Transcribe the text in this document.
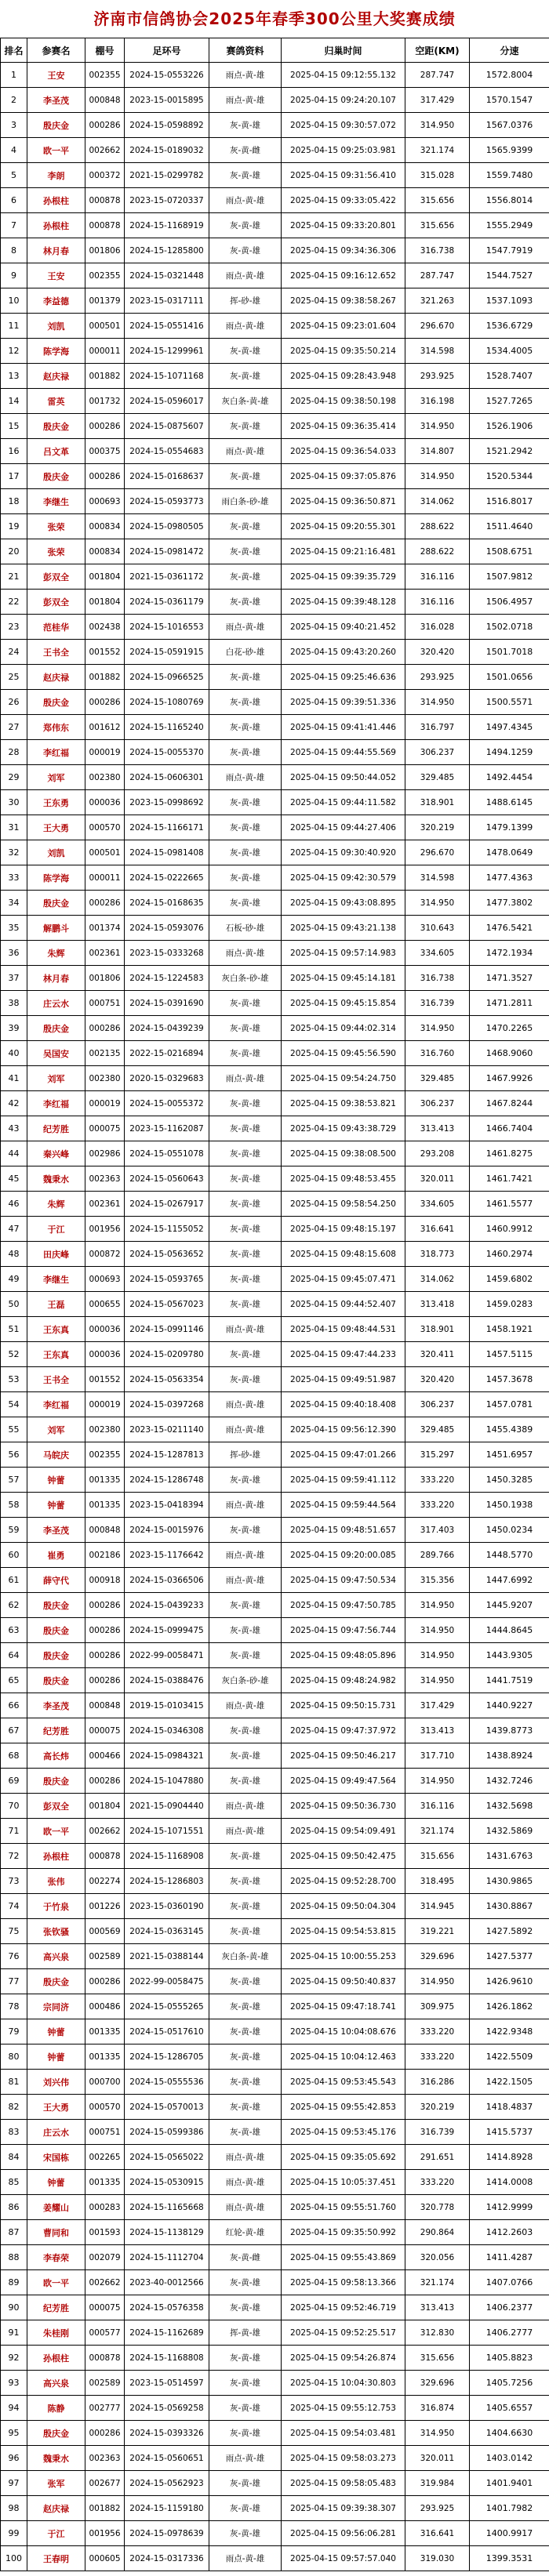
济南市信鸽协会2025年春季300公里大奖赛成绩
排名	参赛名	棚号	足环号	赛鸽资料	归巢时间	空距(KM)	分速
1	王安	002355	2024-15-0553226	雨点-黄-雄	2025-04-15 09:12:55.132	287.747	1572.8004
2	李圣茂	000848	2023-15-0015895	雨点-黄-雄	2025-04-15 09:24:20.107	317.429	1570.1547
3	殷庆金	000286	2024-15-0598892	灰-黄-雄	2025-04-15 09:30:57.072	314.950	1567.0376
4	欧一平	002662	2024-15-0189032	灰-黄-雌	2025-04-15 09:25:03.981	321.174	1565.9399
5	李朗	000372	2021-15-0299782	灰-黄-雄	2025-04-15 09:31:56.410	315.028	1559.7480
6	孙根柱	000878	2023-15-0720337	雨点-黄-雄	2025-04-15 09:33:05.422	315.656	1556.8014
7	孙根柱	000878	2024-15-1168919	灰-黄-雄	2025-04-15 09:33:20.801	315.656	1555.2949
8	林月春	001806	2024-15-1285800	灰-黄-雄	2025-04-15 09:34:36.306	316.738	1547.7919
9	王安	002355	2024-15-0321448	雨点-黄-雄	2025-04-15 09:16:12.652	287.747	1544.7527
10	李益德	001379	2023-15-0317111	挥-砂-雄	2025-04-15 09:38:58.267	321.263	1537.1093
11	刘凯	000501	2024-15-0551416	雨点-黄-雄	2025-04-15 09:23:01.604	296.670	1536.6729
12	陈学海	000011	2024-15-1299961	灰-黄-雄	2025-04-15 09:35:50.214	314.598	1534.4005
13	赵庆禄	001882	2024-15-1071168	灰-黄-雄	2025-04-15 09:28:43.948	293.925	1528.7407
14	雷英	001732	2024-15-0596017	灰白条-黄-雄	2025-04-15 09:38:50.198	316.198	1527.7265
15	殷庆金	000286	2024-15-0875607	灰-黄-雄	2025-04-15 09:36:35.414	314.950	1526.1906
16	吕文革	000375	2024-15-0554683	雨点-黄-雄	2025-04-15 09:36:54.033	314.807	1521.2942
17	殷庆金	000286	2024-15-0168637	灰-黄-雄	2025-04-15 09:37:05.876	314.950	1520.5344
18	李继生	000693	2024-15-0593773	雨白条-砂-雄	2025-04-15 09:36:50.871	314.062	1516.8017
19	张荣	000834	2024-15-0980505	灰-黄-雄	2025-04-15 09:20:55.301	288.622	1511.4640
20	张荣	000834	2024-15-0981472	灰-黄-雄	2025-04-15 09:21:16.481	288.622	1508.6751
21	彭双全	001804	2021-15-0361172	灰-黄-雄	2025-04-15 09:39:35.729	316.116	1507.9812
22	彭双全	001804	2024-15-0361179	灰-黄-雄	2025-04-15 09:39:48.128	316.116	1506.4957
23	范桂华	002438	2024-15-1016553	雨点-黄-雄	2025-04-15 09:40:21.452	316.028	1502.0718
24	王书全	001552	2024-15-0591915	白花-砂-雄	2025-04-15 09:43:20.260	320.420	1501.7018
25	赵庆禄	001882	2024-15-0966525	灰-黄-雄	2025-04-15 09:25:46.636	293.925	1501.0656
26	殷庆金	000286	2024-15-1080769	灰-黄-雄	2025-04-15 09:39:51.336	314.950	1500.5571
27	郑伟东	001612	2024-15-1165240	灰-黄-雄	2025-04-15 09:41:41.446	316.797	1497.4345
28	李红福	000019	2024-15-0055370	灰-黄-雄	2025-04-15 09:44:55.569	306.237	1494.1259
29	刘军	002380	2024-15-0606301	雨点-黄-雄	2025-04-15 09:50:44.052	329.485	1492.4454
30	王东勇	000036	2023-15-0998692	灰-黄-雄	2025-04-15 09:44:11.582	318.901	1488.6145
31	王大勇	000570	2024-15-1166171	灰-黄-雄	2025-04-15 09:44:27.406	320.219	1479.1399
32	刘凯	000501	2024-15-0981408	灰-黄-雄	2025-04-15 09:30:40.920	296.670	1478.0649
33	陈学海	000011	2024-15-0222665	灰-黄-雄	2025-04-15 09:42:30.579	314.598	1477.4363
34	殷庆金	000286	2024-15-0168635	灰-黄-雄	2025-04-15 09:43:08.895	314.950	1477.3802
35	解鹏斗	001374	2024-15-0593076	石板-砂-雄	2025-04-15 09:43:21.138	310.643	1476.5421
36	朱辉	002361	2023-15-0333268	雨点-黄-雄	2025-04-15 09:57:14.983	334.605	1472.1934
37	林月春	001806	2024-15-1224583	灰白条-砂-雄	2025-04-15 09:45:14.181	316.738	1471.3527
38	庄云水	000751	2024-15-0391690	灰-黄-雄	2025-04-15 09:45:15.854	316.739	1471.2811
39	殷庆金	000286	2024-15-0439239	灰-黄-雄	2025-04-15 09:44:02.314	314.950	1470.2265
40	吴国安	002135	2022-15-0216894	灰-黄-雄	2025-04-15 09:45:56.590	316.760	1468.9060
41	刘军	002380	2020-15-0329683	雨点-黄-雄	2025-04-15 09:54:24.750	329.485	1467.9926
42	李红福	000019	2024-15-0055372	灰-黄-雄	2025-04-15 09:38:53.821	306.237	1467.8244
43	纪芳胜	000075	2023-15-1162087	灰-黄-雄	2025-04-15 09:43:38.729	313.413	1466.7404
44	秦兴峰	002986	2024-15-0551078	灰-黄-雄	2025-04-15 09:38:08.500	293.208	1461.8275
45	魏秉水	002363	2024-15-0560643	灰-黄-雄	2025-04-15 09:48:53.455	320.011	1461.7421
46	朱辉	002361	2024-15-0267917	灰-黄-雄	2025-04-15 09:58:54.250	334.605	1461.5577
47	于江	001956	2024-15-1155052	灰-黄-雄	2025-04-15 09:48:15.197	316.641	1460.9912
48	田庆峰	000872	2024-15-0563652	灰-黄-雄	2025-04-15 09:48:15.608	318.773	1460.2974
49	李继生	000693	2024-15-0593765	灰-黄-雄	2025-04-15 09:45:07.471	314.062	1459.6802
50	王磊	000655	2024-15-0567023	灰-黄-雄	2025-04-15 09:44:52.407	313.418	1459.0283
51	王东真	000036	2024-15-0991146	雨点-黄-雄	2025-04-15 09:48:44.531	318.901	1458.1921
52	王东真	000036	2024-15-0209780	灰-黄-雄	2025-04-15 09:47:44.233	320.411	1457.5115
53	王书全	001552	2024-15-0563354	灰-黄-雄	2025-04-15 09:49:51.987	320.420	1457.3678
54	李红福	000019	2024-15-0397268	雨点-黄-雄	2025-04-15 09:40:18.408	306.237	1457.0781
55	刘军	002380	2023-15-0211140	雨点-黄-雄	2025-04-15 09:56:12.390	329.485	1455.4389
56	马皖庆	002355	2024-15-1287813	挥-砂-雄	2025-04-15 09:47:01.266	315.297	1451.6957
57	钟蕾	001335	2024-15-1286748	灰-黄-雄	2025-04-15 09:59:41.112	333.220	1450.3285
58	钟蕾	001335	2023-15-0418394	雨点-黄-雄	2025-04-15 09:59:44.564	333.220	1450.1938
59	李圣茂	000848	2024-15-0015976	灰-黄-雄	2025-04-15 09:48:51.657	317.403	1450.0234
60	崔勇	002186	2023-15-1176642	雨点-黄-雄	2025-04-15 09:20:00.085	289.766	1448.5770
61	薛守代	000918	2024-15-0366506	雨点-黄-雄	2025-04-15 09:47:50.534	315.356	1447.6992
62	殷庆金	000286	2024-15-0439233	灰-黄-雄	2025-04-15 09:47:50.785	314.950	1445.9207
63	殷庆金	000286	2024-15-0999475	灰-黄-雄	2025-04-15 09:47:56.744	314.950	1444.8645
64	殷庆金	000286	2022-99-0058471	灰-黄-雄	2025-04-15 09:48:05.896	314.950	1443.9305
65	殷庆金	000286	2024-15-0388476	灰白条-砂-雄	2025-04-15 09:48:24.982	314.950	1441.7519
66	李圣茂	000848	2019-15-0103415	雨点-黄-雄	2025-04-15 09:50:15.731	317.429	1440.9227
67	纪芳胜	000075	2024-15-0346308	灰-黄-雄	2025-04-15 09:47:37.972	313.413	1439.8773
68	高长炜	000466	2024-15-0984321	灰-黄-雄	2025-04-15 09:50:46.217	317.710	1438.8924
69	殷庆金	000286	2024-15-1047880	灰-黄-雄	2025-04-15 09:49:47.564	314.950	1432.7246
70	彭双全	001804	2021-15-0904440	雨点-黄-雄	2025-04-15 09:50:36.730	316.116	1432.5698
71	欧一平	002662	2024-15-1071551	雨点-黄-雄	2025-04-15 09:54:09.491	321.174	1432.5869
72	孙根柱	000878	2024-15-1168908	灰-黄-雄	2025-04-15 09:50:42.475	315.656	1431.6763
73	张伟	002274	2024-15-1286803	灰-黄-雄	2025-04-15 09:52:28.700	318.495	1430.9865
74	于竹泉	001226	2023-15-0360190	灰-黄-雄	2025-04-15 09:50:04.304	314.945	1430.8867
75	张钦骚	000569	2024-15-0363145	灰-黄-雄	2025-04-15 09:54:53.815	319.221	1427.5892
76	高兴泉	002589	2021-15-0388144	灰白条-黄-雄	2025-04-15 10:00:55.253	329.696	1427.5377
77	殷庆金	000286	2022-99-0058475	灰-黄-雄	2025-04-15 09:50:40.837	314.950	1426.9610
78	宗同济	000486	2024-15-0555265	灰-黄-雄	2025-04-15 09:47:18.741	309.975	1426.1862
79	钟蕾	001335	2024-15-0517610	灰-黄-雄	2025-04-15 10:04:08.676	333.220	1422.9348
80	钟蕾	001335	2024-15-1286705	灰-黄-雄	2025-04-15 10:04:12.463	333.220	1422.5509
81	刘兴伟	000700	2024-15-0555536	灰-黄-雄	2025-04-15 09:53:45.543	316.286	1422.1505
82	王大勇	000570	2024-15-0570013	灰-黄-雄	2025-04-15 09:55:42.853	320.219	1418.4837
83	庄云水	000751	2024-15-0599386	灰-黄-雄	2025-04-15 09:53:45.176	316.739	1415.5737
84	宋国栋	002265	2024-15-0565022	雨点-黄-雄	2025-04-15 09:35:05.692	291.651	1414.8928
85	钟蕾	001335	2024-15-0530915	雨点-黄-雄	2025-04-15 10:05:37.451	333.220	1414.0008
86	姜耀山	000283	2024-15-1165668	雨点-黄-雄	2025-04-15 09:55:51.760	320.778	1412.9999
87	曹同和	001593	2024-15-1138129	红轮-黄-雄	2025-04-15 09:35:50.992	290.864	1412.2603
88	李春荣	002079	2024-15-1112704	灰-黄-雌	2025-04-15 09:55:43.869	320.056	1411.4287
89	欧一平	002662	2023-40-0012566	灰-黄-雄	2025-04-15 09:58:13.366	321.174	1407.0766
90	纪芳胜	000075	2024-15-0576358	灰-黄-雄	2025-04-15 09:52:46.719	313.413	1406.2377
91	朱桂刚	000577	2024-15-1162689	挥-黄-雄	2025-04-15 09:52:25.517	312.830	1406.2777
92	孙根柱	000878	2024-15-1168808	灰-黄-雄	2025-04-15 09:54:26.874	315.656	1405.8823
93	高兴泉	002589	2023-15-0514597	灰-黄-雄	2025-04-15 10:04:30.803	329.696	1405.7256
94	陈静	002777	2024-15-0569258	灰-黄-雄	2025-04-15 09:55:12.753	316.874	1405.6557
95	殷庆金	000286	2024-15-0393326	灰-黄-雄	2025-04-15 09:54:03.481	314.950	1404.6630
96	魏秉水	002363	2024-15-0560651	雨点-黄-雄	2025-04-15 09:58:03.273	320.011	1403.0142
97	张军	002677	2024-15-0562923	灰-黄-雄	2025-04-15 09:58:05.483	319.984	1401.9401
98	赵庆禄	001882	2024-15-1159180	灰-黄-雄	2025-04-15 09:39:38.307	293.925	1401.7982
99	于江	001956	2024-15-0978639	灰-黄-雄	2025-04-15 09:56:06.281	316.641	1400.9917
100	王春明	000605	2024-15-0317336	雨点-黄-雄	2025-04-15 09:57:57.040	319.030	1399.3531
